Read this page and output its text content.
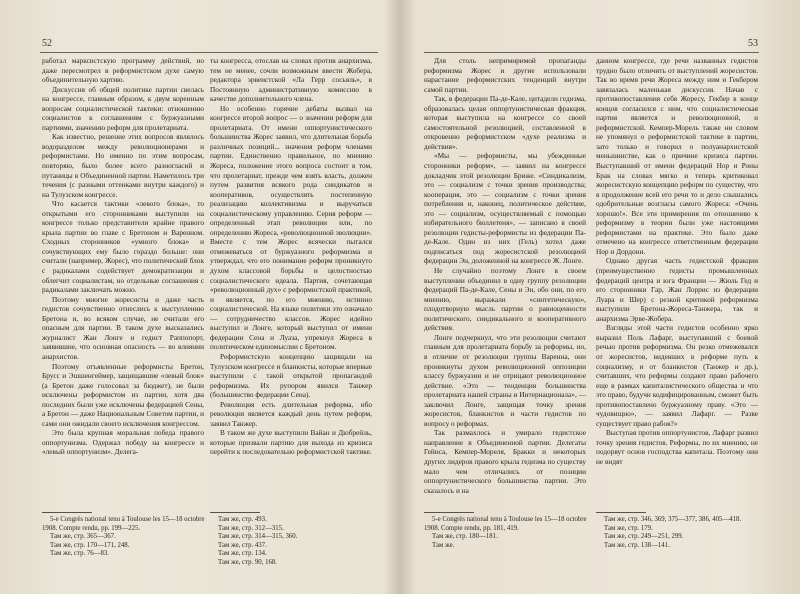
52

работал марксистскую программу действий, но даже пересмотрел в реформистском духе самую объединительную хартию.

Дискуссия об общей политике партии свелась на конгрессе, главным образом, к двум коренным вопросам социалистической тактики: отношению социалистов к соглашениям с буржуазными партиями, значению реформ для пролетариата.

Как известно, решение этих вопросов являлось водоразделом между революционерами и реформистами. Но именно по этим вопросам, повторяю, было более всего разногласий и путаницы в Объединенной партии. Наметилось три течения (с разными оттенками внутри каждого) и на Тулузском конгрессе.

Что касается тактики «левого блока», то открытыми его сторонниками выступили на конгрессе только представители крайне правого крыла партии во главе с Бретоном и Варенном. Сходных сторонников «умного блока» и сочувствующих ему было гораздо больше: они считали (например, Жорес), что политический блок с радикалами содействует демократизации и облегчит социалистам, но отдельные соглашения с радикалами заключать можно.

Поэтому многие жоресисты и даже часть гедистов сочувственно отнеслись к выступлению Бретона и, во всяком случае, не считали его опасным для партии. В таком духе высказались журналист Жан Лонге и гедист Раппопорт, заявившие, что основная опасность — во влиянии анархистов.

Поэтому отъявленные реформисты Бретон, Брусс и Эшшенгеймер, защищавшие «левый блок» (а Бретон даже голосовал за бюджет), не были исключены реформистом из партии, хотя два последних были уже исключены федерацией Сены, а Бретон — даже Национальным Советом партии, и сами они ожидали своего исключения конгрессом.

Это была крупная моральная победа правого оппортунизма. Одержал победу на конгрессе и «левый оппортунизм». Делега-

ты конгресса, отослав на словах против анархизма, тем не менее, сочли возможным ввести Жобера, редактора эрвеистской «Ла Герр сосьяль», в Постоянную административную комиссию в качестве дополнительного члена.

Но особенно горячие дебаты вызвал на конгрессе второй вопрос — о значении реформ для пролетариата. От имени оппортунистического большинства Жорес заявил, что длительная борьба различных позиций... значения реформ членами партии. Единственно правильное, по мнению Жореса, положение этого вопроса состоит в том, что пролетариат, прежде чем взять власть, должен путем развития всякого рода синдикатов и кооперативов, осуществлять постепенную реализацию коллективизма и выручаться социалистическому управлению. Серия реформ — определенный этап революции или, по определению Жореса, «революционной эволюции». Вместе с тем Жорес всячески пытался отмежеваться от буржуазного реформизма и утверждал, что его понимание реформ проникнуто духом классовой борьбы и целостностью социалистического идеала. Партия, сочетающая «революционный дух» с реформистской практикой, и является, по его мнению, истинно социалистической. На языке политики это означало — сотрудничество классов. Жорес идейно выступил и Лонге, который выступил от имени федерации Сена и Луаза, упрекнул Жореса в политическом единомыслии с Бретоном.

Реформистскую концепцию защищали на Тулузском конгрессе и бланкисты, которые впервые выступили с такой открытой пропагандой реформизма. Их рупором явился Танжер (большинство федерации Сена).

Революция есть длительная реформа, ибо революция является каждый день путем реформ, заявил Танжер.

В таком же духе выступили Вайан и Дюбрейль, которые призвали партию для выхода из кризиса перейти к последовательно реформистской тактике.

5-e Congrès national tenu à Toulouse les 15—18 octobre 1908. Compte rendu, pp. 199—225.
Там же, стр. 365—367.
Там же, стр. 170—171, 248.
Там же, стр. 76—83.
Там же, стр. 493.
Там же, стр. 312—315.
Там же, стр. 314—315, 360.
Там же, стр. 437.
Там же, стр. 134.
Там же, стр. 90, 168.
53

Для столь непримиримой пропаганды реформизма Жорес и другие использовали нарастание реформистских тенденций внутри самой партии.

Так, в федерации Па-де-Кале, цитадели гедизма, образовалась целая оппортунистическая фракция, которая выступила на конгрессе со своей самостоятельной резолюцией, составленной в откровенно реформистском «духе реализма и действия».

«Мы — реформисты, мы убежденные сторонники реформ», — заявил на конгрессе докладчик этой резолюции Бриже. «Синдикализм, это — социализм с точки зрения производства; кооперация, это — социализм с точки зрения потребления и, наконец, политическое действие, это — социализм, осуществляемый с помощью избирательного бюллетеня», — записано в своей резолюции гедисты-реформисты из федерации Па-де-Кале. Один из них (Гель) хотел даже подписаться под жоресистской резолюцией федерации Эн, доложенной на конгрессе Ж. Лонге.

Не случайно поэтому Лонге в своем выступлении объединил в одну группу резолюции федераций Па-де-Кале, Сены и Эн, обо они, по его мнению, выражали «синтетическую», плодотворную мысль партии о равноценности политического, синдикального и кооперативного действия.

Лонге подчеркнул, что эти резолюции считают главным для пролетариата борьбу за реформы, но, в отличие от резолюции группы Варенна, они проникнуты духом революционной оппозиции классу буржуазии и не отрицают революционное действие. «Это — тенденция большинства пролетариата нашей страны и Интернационала», — заключил Лонге, защищая точку зрения жоресистов, бланкистов и части гедистов по вопросу о реформах.

Так размахлось и умирало гедистское направление в Объединенной партии. Делегаты Гейнса, Кемпер-Мореля, Бракки и некоторых других лидеров правого крыла гедизма по существу мало чем отличались от позиции оппортунистического большинства партии. Это сказалось и на

данном конгрессе, где речи названных гедистов трудно было отличить от выступлений жоресистов. Так во время речи Жореса между ним и Гекбером завязалась маленькая дискуссия. Начав с противопоставления себя Жоресу, Гекбер в конце концов согласился с ним, что социалистическая партия является и революционной, и реформистской. Кемпер-Морель также ни словом не упомянул о реформистской тактике в партии, зато только и говорил о полуанархистской меньшинстве, как о причине кризиса партии. Выступавший от имени федераций Нор и Роны Брак на словах мягко и теперь критиковал жоресистскую концепцию реформ по существу, что в продолжение всей его речи то и дело слышались одобрительные возгласы самого Жореса: «Очень хорошо!». Все эти примирения по отношению к реформизму в теории были уже настоящими реформистами на практике. Это было даже отмечено на конгрессе ответственным федерации Нор и Дордони.

Однако другая часть гедистской фракции (преимущественно гедисты промышленных федераций центра и юга Франции — Жюль Гед и его сторонники Гар, Жан Лоррис из федерации Луара и Шер) с резкой критикой реформизма выступили Бретона-Жореса-Танжера, так и анархизма Эрве-Жобера.

Взгляды этой части гедистов особенно ярко выразил Поль Лафарг, выступавший с боевой речью против реформизма. Он резко отмежевался от жоресистов, видевших в реформе путь к социализму, и от бланкистов (Танжер и др.), считавших, что реформы создают право рабочего еще в рамках капиталистического общества и что это право, будучи кодифицированным, сможет быть противопоставлено буржуазному праву. «Это — чудовищно», — заявил Лафарг. — Разве существует право рабов?»

Выступая против оппортунистов, Лафарг развил точку зрения гедистов. Реформы, по их мнению, не подорвут основ господства капитала. Поэтому они не видят

5-e Congrès national tenu à Toulouse les 15—18 octobre 1908. Compte rendu, pp. 181, 419.
Там же, стр. 180—181.
Там же.
Там же, стр. 346, 369, 375—377, 386, 405—418.
Там же, стр. 179.
Там же, стр. 249—251, 299.
Там же, стр. 138—141.
